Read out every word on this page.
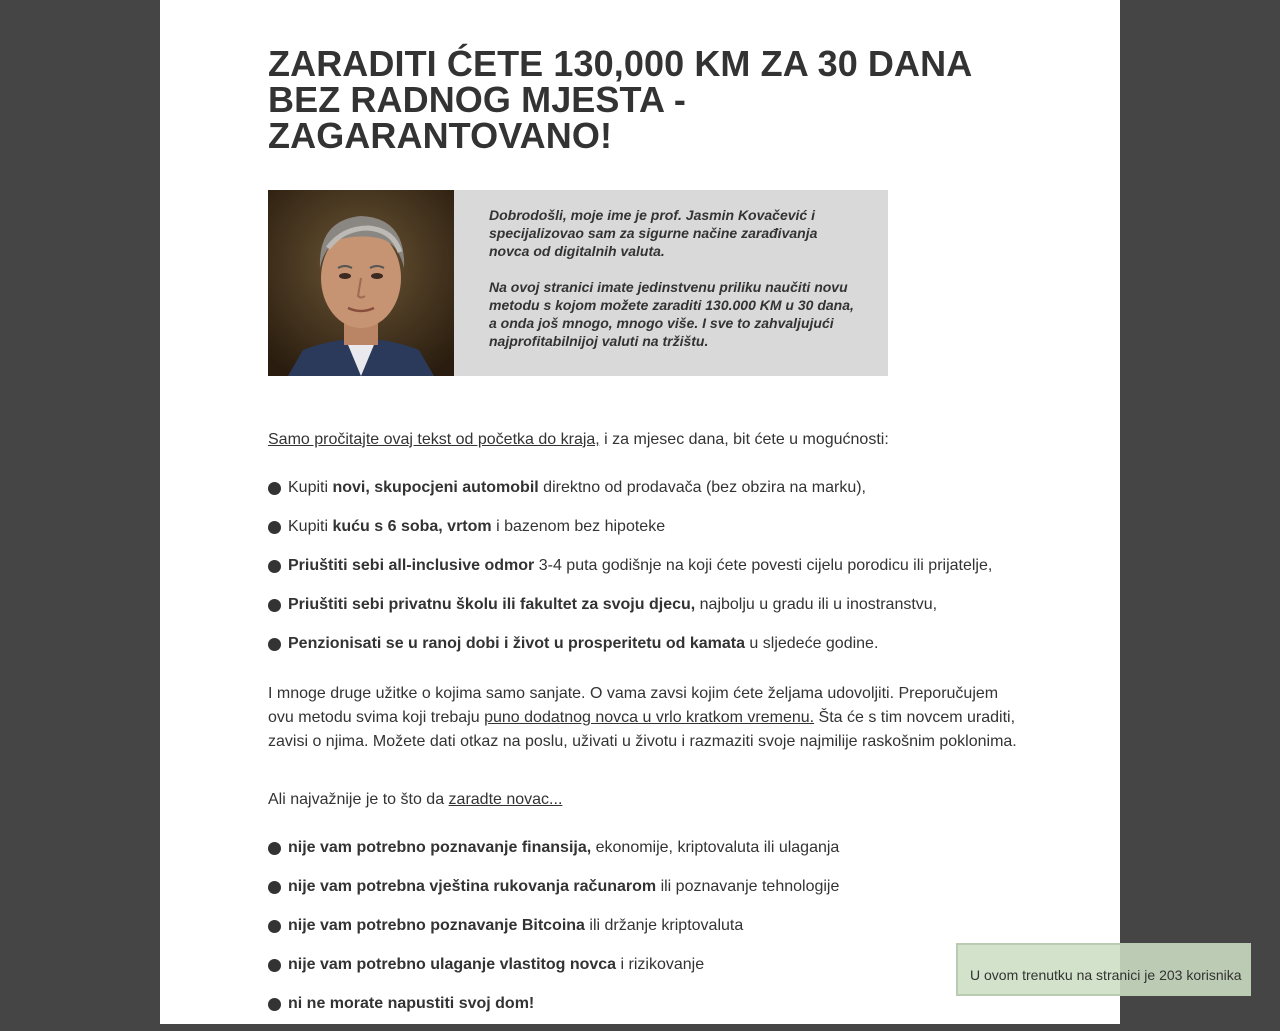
ZARADITI ĆETE 130,000 KM ZA 30 DANA BEZ RADNOG MJESTA - ZAGARANTOVANO!

Dobrodošli, moje ime je prof. Jasmin Kovačević i specijalizovao sam za sigurne načine zarađivanja novca od digitalnih valuta.

Na ovoj stranici imate jedinstvenu priliku naučiti novu metodu s kojom možete zaraditi 130.000 KM u 30 dana, a onda još mnogo, mnogo više. I sve to zahvaljujući najprofitabilnijoj valuti na tržištu.

Samo pročitajte ovaj tekst od početka do kraja, i za mjesec dana, bit ćete u mogućnosti:
Kupiti novi, skupocjeni automobil direktno od prodavača (bez obzira na marku),
Kupiti kuću s 6 soba, vrtom i bazenom bez hipoteke
Priuštiti sebi all-inclusive odmor 3-4 puta godišnje na koji ćete povesti cijelu porodicu ili prijatelje,
Priuštiti sebi privatnu školu ili fakultet za svoju djecu, najbolju u gradu ili u inostranstvu,
Penzionisati se u ranoj dobi i život u prosperitetu od kamata u sljedeće godine.

I mnoge druge užitke o kojima samo sanjate. O vama zavsi kojim ćete željama udovoljiti. Preporučujem ovu metodu svima koji trebaju puno dodatnog novca u vrlo kratkom vremenu. Šta će s tim novcem uraditi, zavisi o njima. Možete dati otkaz na poslu, uživati u životu i razmaziti svoje najmilije raskošnim poklonima.

Ali najvažnije je to što da zaradte novac...

nije vam potrebno poznavanje finansija, ekonomije, kriptovaluta ili ulaganja
nije vam potrebna vještina rukovanja računarom ili poznavanje tehnologije
nije vam potrebno poznavanje Bitcoina ili držanje kriptovaluta
nije vam potrebno ulaganje vlastitog novca i rizikovanje
ni ne morate napustiti svoj dom!
U ovom trenutku na stranici je 203 korisnika
